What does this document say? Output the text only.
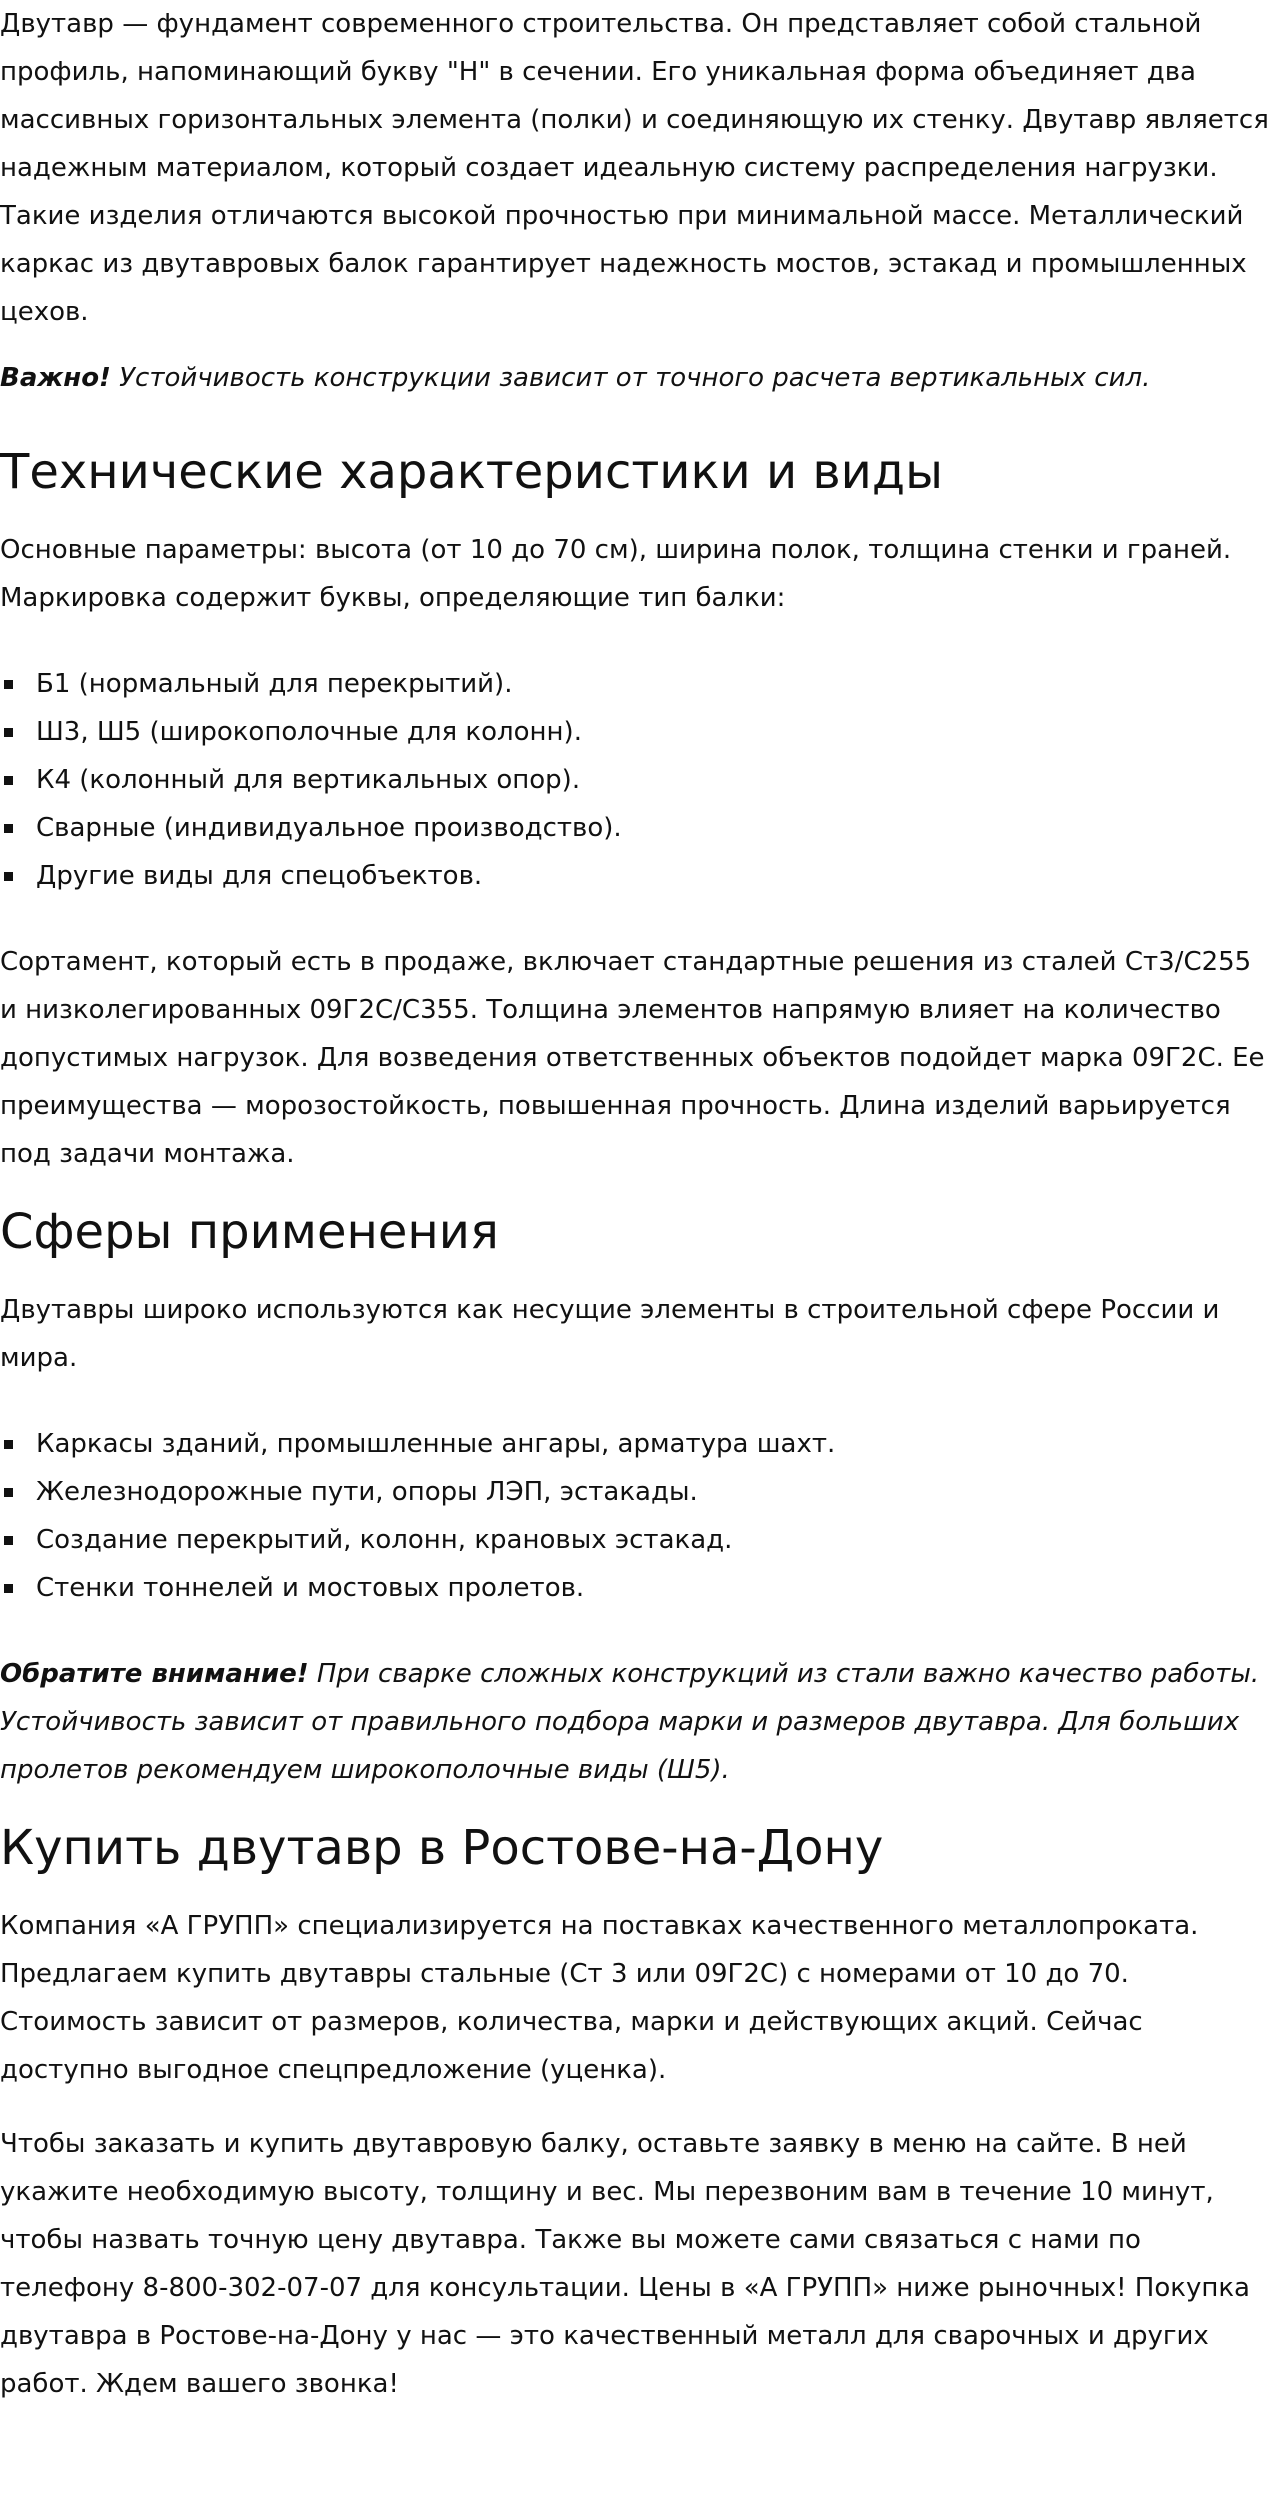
Двутавр — фундамент современного строительства. Он представляет собой стальной профиль, напоминающий букву "Н" в сечении. Его уникальная форма объединяет два массивных горизонтальных элемента (полки) и соединяющую их стенку. Двутавр является надежным материалом, который создает идеальную систему распределения нагрузки. Такие изделия отличаются высокой прочностью при минимальной массе. Металлический каркас из двутавровых балок гарантирует надежность мостов, эстакад и промышленных цехов.

Важно! Устойчивость конструкции зависит от точного расчета вертикальных сил.

Технические характеристики и виды

Основные параметры: высота (от 10 до 70 см), ширина полок, толщина стенки и граней. Маркировка содержит буквы, определяющие тип балки:

Б1 (нормальный для перекрытий).
Ш3, Ш5 (широкополочные для колонн).
К4 (колонный для вертикальных опор).
Сварные (индивидуальное производство).
Другие виды для спецобъектов.

Сортамент, который есть в продаже, включает стандартные решения из сталей Ст3/С255 и низколегированных 09Г2С/С355. Толщина элементов напрямую влияет на количество допустимых нагрузок. Для возведения ответственных объектов подойдет марка 09Г2С. Ее преимущества — морозостойкость, повышенная прочность. Длина изделий варьируется под задачи монтажа.

Сферы применения

Двутавры широко используются как несущие элементы в строительной сфере России и мира.

Каркасы зданий, промышленные ангары, арматура шахт.
Железнодорожные пути, опоры ЛЭП, эстакады.
Создание перекрытий, колонн, крановых эстакад.
Стенки тоннелей и мостовых пролетов.

Обратите внимание! При сварке сложных конструкций из стали важно качество работы. Устойчивость зависит от правильного подбора марки и размеров двутавра. Для больших пролетов рекомендуем широкополочные виды (Ш5).

Купить двутавр в Ростове-на-Дону

Компания «А ГРУПП» специализируется на поставках качественного металлопроката. Предлагаем купить двутавры стальные (Ст 3 или 09Г2С) с номерами от 10 до 70. Стоимость зависит от размеров, количества, марки и действующих акций. Сейчас доступно выгодное спецпредложение (уценка).

Чтобы заказать и купить двутавровую балку, оставьте заявку в меню на сайте. В ней укажите необходимую высоту, толщину и вес. Мы перезвоним вам в течение 10 минут, чтобы назвать точную цену двутавра. Также вы можете сами связаться с нами по телефону 8-800-302-07-07 для консультации. Цены в «А ГРУПП» ниже рыночных! Покупка двутавра в Ростове-на-Дону у нас — это качественный металл для сварочных и других работ. Ждем вашего звонка!
